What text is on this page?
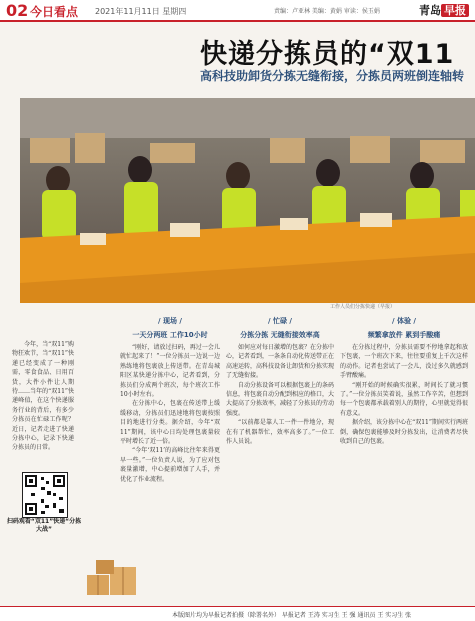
02 今日看点 2021年11月11日 星期四	责编：卢亚林 美编：黄娟 审读：侯玉娟	青岛 早报
快递分拣员的“双11
高科技助卸货分拣无缝衔接，分拣员两班倒连轴转
工作人员们分拣快递（早报）

今年，当“双11”购物狂欢节，当“双11”快递已经变成了一种刚需，零食食品、日用百货，大件小件让人期待……当年的“双11”快递峰值，在这个快递服务行业的背后，有多少分拣员在忙碌工作呢？近日，记者走进了快递分拣中心，记录下快递分拣员的日常。

扫码观看“双11”快递“分拣大战”
/ 现场 /
一天分两班 工作10小时

“刚好，请放过扫码，再过一会儿就忙起来了！”一位分拣员一边说一边熟练地将包裹放上传送带。在青岛城阳区某快递分拣中心，记者看到，分拣员们分成两个班次，每个班次工作10小时左右。

在分拣中心，包裹在传送带上缓缓移动，分拣员们迅速地将包裹按照目的地进行分类。据介绍，今年“双11”期间，该中心日均处理包裹量较平时增长了近一倍。

“今年‘双11’的高峰比往年来得更早一些。”一位负责人说，为了应对包裹量激增，中心提前增加了人手，并优化了作业流程。

/ 忙碌 /
分拣分拣 无缝衔接效率高

如何应对每日激增的包裹？在分拣中心，记者看到，一条条自动化传送带正在高速运转，高科技设备让卸货和分拣实现了无缝衔接。

自动分拣设备可以根据包裹上的条码信息，将包裹自动分配到相应的格口，大大提高了分拣效率，减轻了分拣员的劳动强度。

“以前都是靠人工一件一件地分，现在有了机器帮忙，效率高多了。”一位工作人员说。

/ 体验 /
频繁拿放件 累到手酸痛

在分拣过程中，分拣员需要不停地拿起和放下包裹，一个班次下来，往往要重复上千次这样的动作。记者也尝试了一会儿，没过多久就感到手臂酸痛。

“刚开始的时候确实很累，时间长了就习惯了。”一位分拣员笑着说，虽然工作辛苦，但想到每一个包裹都承载着别人的期待，心里就觉得很有意义。

据介绍，该分拣中心在“双11”期间实行两班倒，确保包裹能够及时分拣发出，让消费者尽快收到自己的包裹。

本版图片均为早报记者拍摄（除署名外） 早报记者 王涛 实习生 王 强 通讯员 王 实习生 张
